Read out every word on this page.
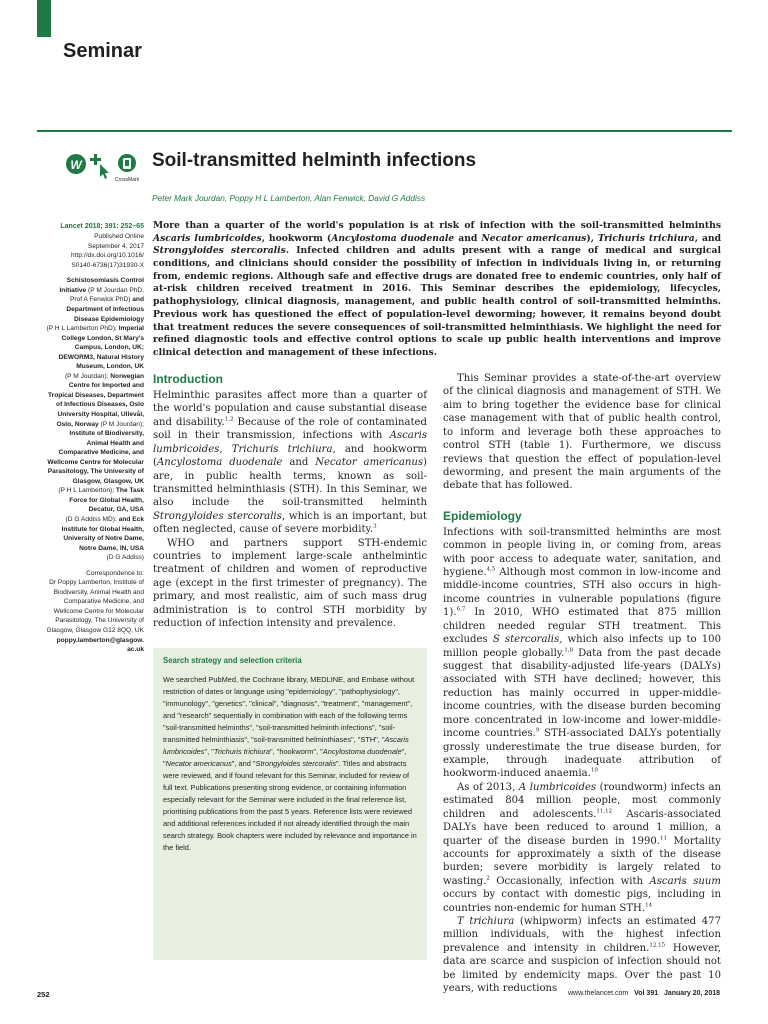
Seminar
W
CrossMark
Soil-transmitted helminth infections
Peter Mark Jourdan, Poppy H L Lamberton, Alan Fenwick, David G Addiss

Lancet 2018; 391: 252–65
Published Online
September 4, 2017
http://dx.doi.org/10.1016/
S0140-6736(17)31930-X

Schistosomiasis Control
Initiative (P M Jourdan PhD,
Prof A Fenwick PhD) and
Department of Infectious
Disease Epidemiology
(P H L Lamberton PhD), Imperial
College London, St Mary's
Campus, London, UK;
DEWORM3, Natural History
Museum, London, UK
(P M Jourdan); Norwegian
Centre for Imported and
Tropical Diseases, Department
of Infectious Diseases, Oslo
University Hospital, Ullevål,
Oslo, Norway (P M Jourdan);
Institute of Biodiversity,
Animal Health and
Comparative Medicine, and
Wellcome Centre for Molecular
Parasitology, The University of
Glasgow, Glasgow, UK
(P H L Lamberton); The Task
Force for Global Health,
Decatur, GA, USA
(D G Addiss MD); and Eck
Institute for Global Health,
University of Notre Dame,
Notre Dame, IN, USA
(D G Addiss)

Correspondence to:
Dr Poppy Lamberton, Institute of
Biodiversity, Animal Health and
Comparative Medicine, and
Wellcome Centre for Molecular
Parasitology, The University of
Glasgow, Glasgow G12 8QQ, UK
poppy.lamberton@glasgow.
ac.uk

More than a quarter of the world's population is at risk of infection with the soil-transmitted helminths Ascaris lumbricoides, hookworm (Ancylostoma duodenale and Necator americanus), Trichuris trichiura, and Strongyloides stercoralis. Infected children and adults present with a range of medical and surgical conditions, and clinicians should consider the possibility of infection in individuals living in, or returning from, endemic regions. Although safe and effective drugs are donated free to endemic countries, only half of at-risk children received treatment in 2016. This Seminar describes the epidemiology, lifecycles, pathophysiology, clinical diagnosis, management, and public health control of soil-transmitted helminths. Previous work has questioned the effect of population-level deworming; however, it remains beyond doubt that treatment reduces the severe consequences of soil-transmitted helminthiasis. We highlight the need for refined diagnostic tools and effective control options to scale up public health interventions and improve clinical detection and management of these infections.

Introduction

Helminthic parasites affect more than a quarter of the world's population and cause substantial disease and disability.$^{1,2}$ Because of the role of contaminated soil in their transmission, infections with Ascaris lumbricoides, Trichuris trichiura, and hookworm (Ancylostoma duodenale and Necator americanus) are, in public health terms, known as soil-transmitted helminthiasis (STH). In this Seminar, we also include the soil-transmitted helminth Strongyloides stercoralis, which is an important, but often neglected, cause of severe morbidity.$^3$

WHO and partners support STH-endemic countries to implement large-scale anthelmintic treatment of children and women of reproductive age (except in the first trimester of pregnancy). The primary, and most realistic, aim of such mass drug administration is to control STH morbidity by reduction of infection intensity and prevalence.

Search strategy and selection criteria

We searched PubMed, the Cochrane library, MEDLINE, and Embase without restriction of dates or language using "epidemiology", "pathophysiology", "immunology", "genetics", "clinical", "diagnosis", "treatment", "management", and "research" sequentially in combination with each of the following terms "soil-transmitted helminths", "soil-transmitted helminth infections", "soil-transmitted helminthiasis", "soil-transmitted helminthiases", "STH", "Ascaris lumbricoides", "Trichuris trichiura", "hookworm", "Ancylostoma duodenale", "Necator americanus", and "Strongyloides stercoralis". Titles and abstracts were reviewed, and if found relevant for this Seminar, included for review of full text. Publications presenting strong evidence, or containing information especially relevant for the Seminar were included in the final reference list, prioritising publications from the past 5 years. Reference lists were reviewed and additional references included if not already identified through the main search strategy. Book chapters were included by relevance and importance in the field.

This Seminar provides a state-of-the-art overview of the clinical diagnosis and management of STH. We aim to bring together the evidence base for clinical case management with that of public health control, to inform and leverage both these approaches to control STH (table 1). Furthermore, we discuss reviews that question the effect of population-level deworming, and present the main arguments of the debate that has followed.

Epidemiology

Infections with soil-transmitted helminths are most common in people living in, or coming from, areas with poor access to adequate water, sanitation, and hygiene.$^{4,5}$ Although most common in low-income and middle-income countries, STH also occurs in high-income countries in vulnerable populations (figure 1).$^{6,7}$ In 2010, WHO estimated that 875 million children needed regular STH treatment. This excludes S stercoralis, which also infects up to 100 million people globally.$^{1,8}$ Data from the past decade suggest that disability-adjusted life-years (DALYs) associated with STH have declined; however, this reduction has mainly occurred in upper-middle-income countries, with the disease burden becoming more concentrated in low-income and lower-middle-income countries.$^9$ STH-associated DALYs potentially grossly underestimate the true disease burden, for example, through inadequate attribution of hookworm-induced anaemia.$^{10}$

As of 2013, A lumbricoides (roundworm) infects an estimated 804 million people, most commonly children and adolescents.$^{11,12}$ Ascaris-associated DALYs have been reduced to around 1 million, a quarter of the disease burden in 1990.11 Mortality accounts for approximately a sixth of the disease burden; severe morbidity is largely related to wasting.$^2$ Occasionally, infection with Ascaris suum occurs by contact with domestic pigs, including in countries non-endemic for human STH.$^{14}$

T trichiura (whipworm) infects an estimated 477 million individuals, with the highest infection prevalence and intensity in children.$^{12,15}$ However, data are scarce and suspicion of infection should not be limited by endemicity maps. Over the past 10 years, with reductions

252	www.thelancet.com Vol 391 January 20, 2018
